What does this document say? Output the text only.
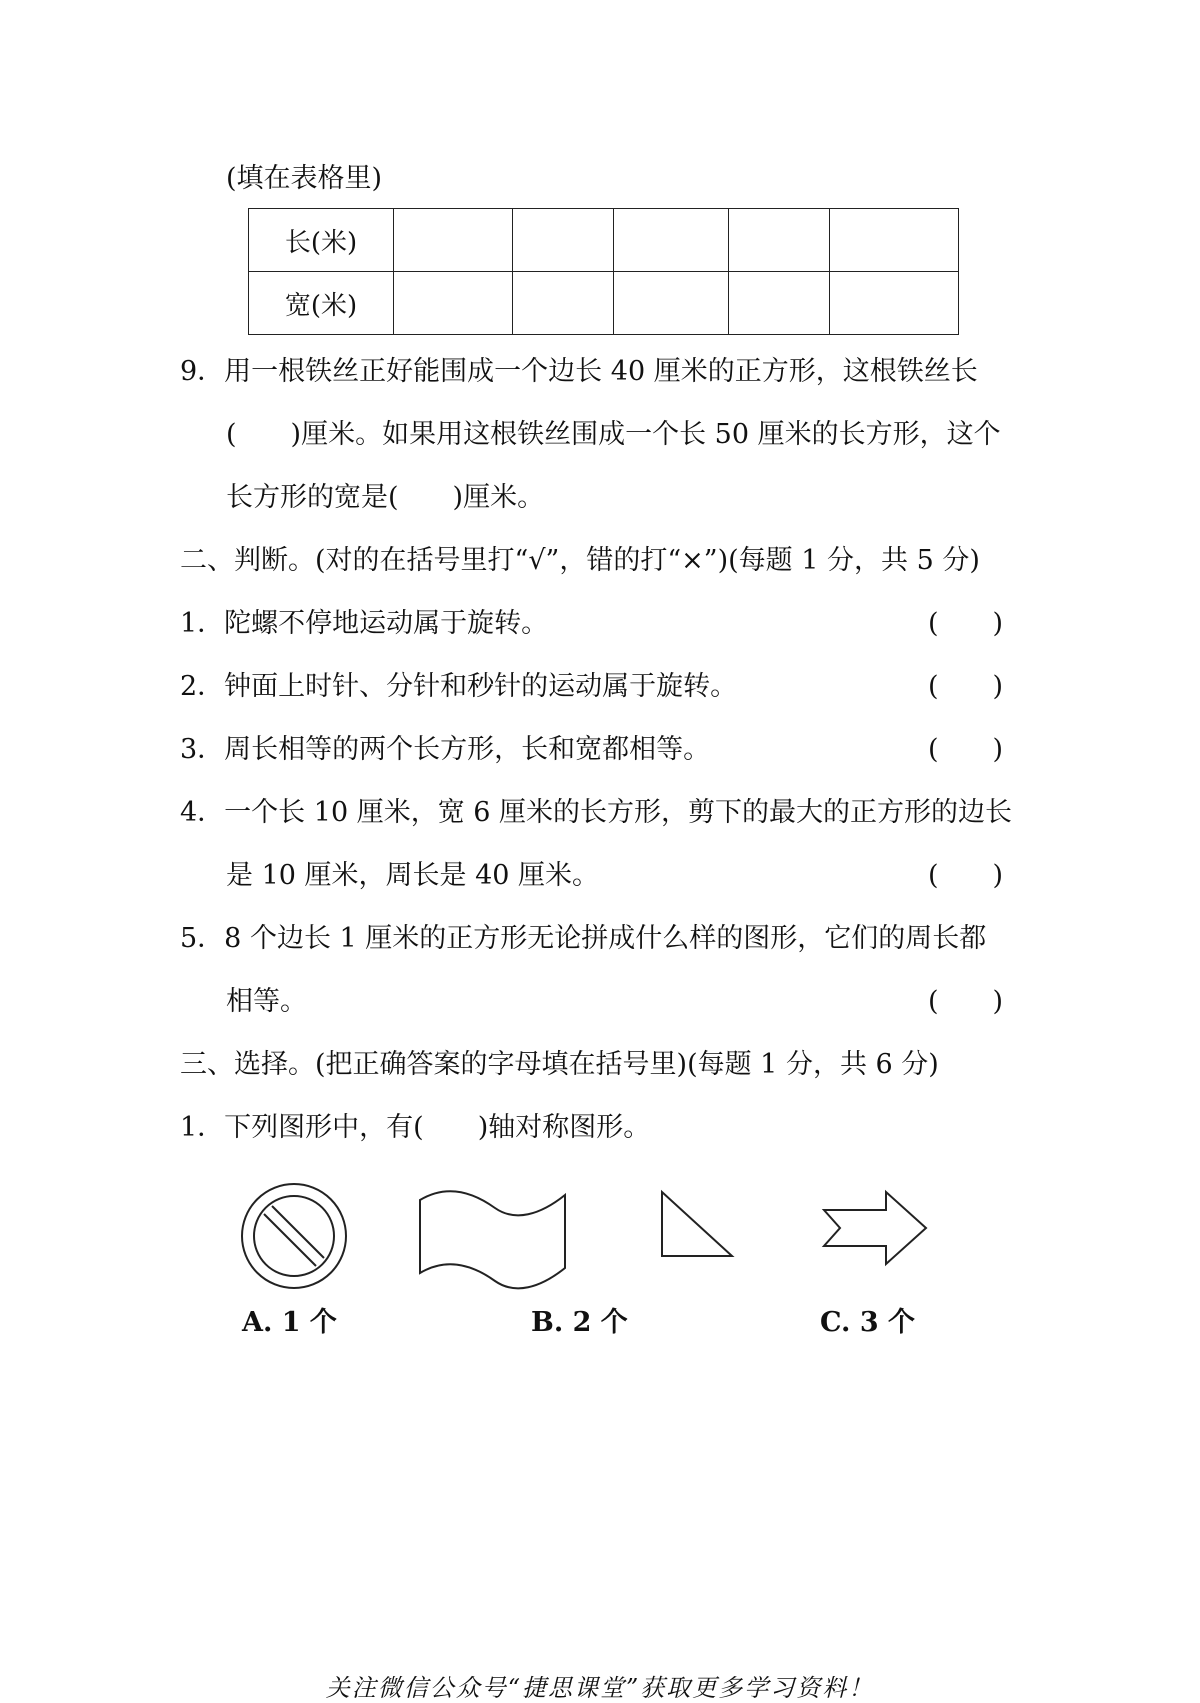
(填在表格里)
长(米)					
宽(米)					
9．用一根铁丝正好能围成一个边长 40 厘米的正方形，这根铁丝长
(　　)厘米。如果用这根铁丝围成一个长 50 厘米的长方形，这个
长方形的宽是(　　)厘米。
二、判断。(对的在括号里打“√”，错的打“×”)(每题 1 分，共 5 分)
1．陀螺不停地运动属于旋转。	(　　)
2．钟面上时针、分针和秒针的运动属于旋转。	(　　)
3．周长相等的两个长方形，长和宽都相等。	(　　)
4．一个长 10 厘米，宽 6 厘米的长方形，剪下的最大的正方形的边长
是 10 厘米，周长是 40 厘米。	(　　)
5．8 个边长 1 厘米的正方形无论拼成什么样的图形，它们的周长都
相等。	(　　)
三、选择。(把正确答案的字母填在括号里)(每题 1 分，共 6 分)
1．下列图形中，有(　　)轴对称图形。
A. 1 个	B. 2 个	C. 3 个
关注微信公众号“捷思课堂”获取更多学习资料！
